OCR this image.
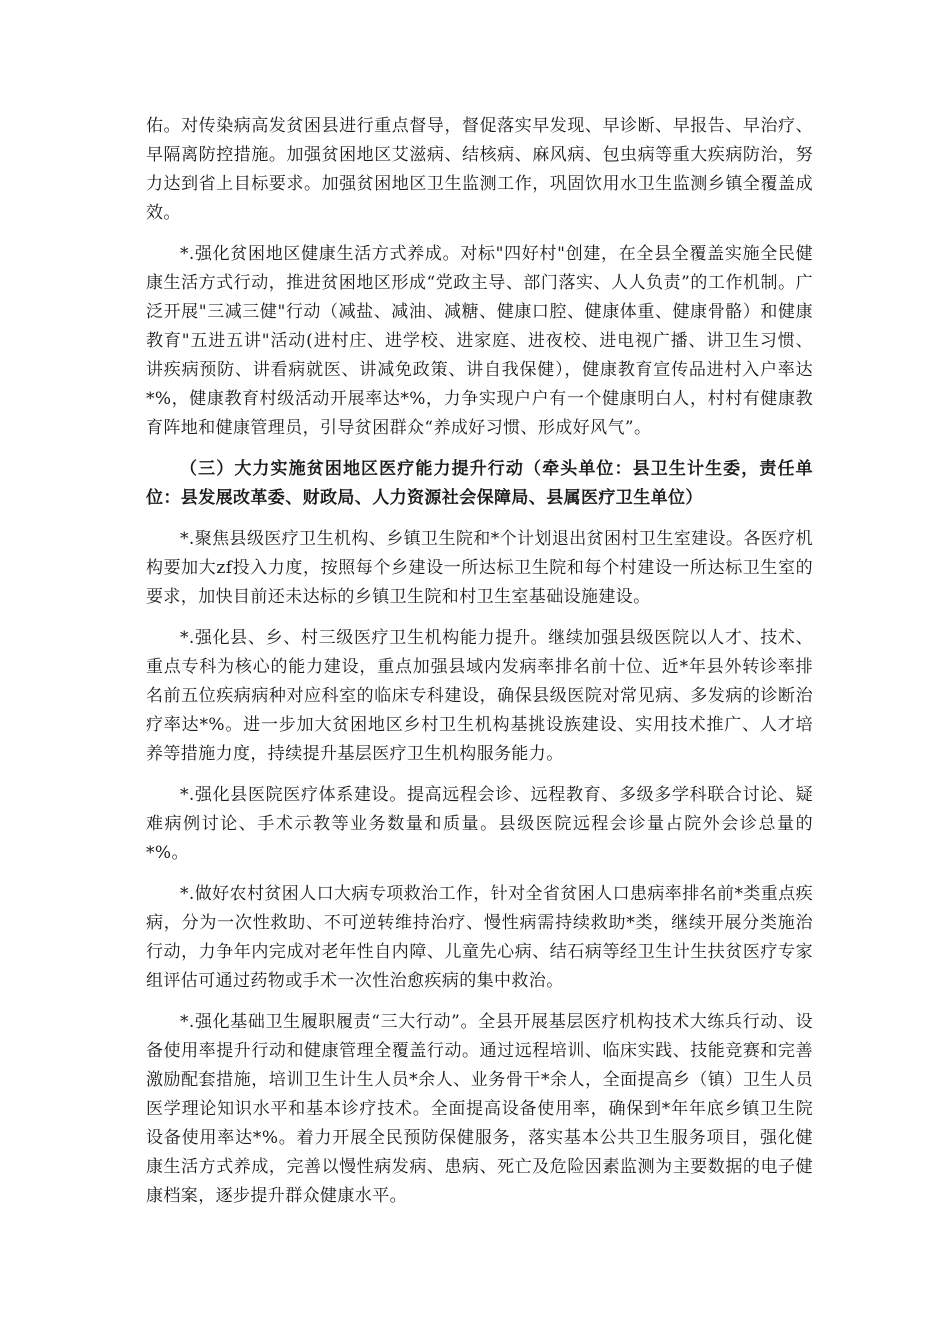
佑。对传染病高发贫困县进行重点督导，督促落实早发现、早诊断、早报告、早治疗、早隔离防控措施。加强贫困地区艾滋病、结核病、麻风病、包虫病等重大疾病防治，努力达到省上目标要求。加强贫困地区卫生监测工作，巩固饮用水卫生监测乡镇全覆盖成效。

*.强化贫困地区健康生活方式养成。对标"四好村"创建，在全县全覆盖实施全民健康生活方式行动，推进贫困地区形成“党政主导、部门落实、人人负责”的工作机制。广泛开展"三减三健"行动（减盐、减油、减糖、健康口腔、健康体重、健康骨骼）和健康教育"五进五讲"活动(进村庄、进学校、进家庭、进夜校、进电视广播、讲卫生习惯、讲疾病预防、讲看病就医、讲减免政策、讲自我保健），健康教育宣传品进村入户率达*%，健康教育村级活动开展率达*%，力争实现户户有一个健康明白人，村村有健康教育阵地和健康管理员，引导贫困群众“养成好习惯、形成好风气”。

（三）大力实施贫困地区医疗能力提升行动（牵头单位：县卫生计生委，责任单位：县发展改革委、财政局、人力资源社会保障局、县属医疗卫生单位）

*.聚焦县级医疗卫生机构、乡镇卫生院和*个计划退出贫困村卫生室建设。各医疗机构要加大zf投入力度，按照每个乡建设一所达标卫生院和每个村建设一所达标卫生室的要求，加快目前还未达标的乡镇卫生院和村卫生室基础设施建设。

*.强化县、乡、村三级医疗卫生机构能力提升。继续加强县级医院以人才、技术、重点专科为核心的能力建设，重点加强县域内发病率排名前十位、近*年县外转诊率排名前五位疾病病种对应科室的临床专科建设，确保县级医院对常见病、多发病的诊断治疗率达*%。进一步加大贫困地区乡村卫生机构基挑设族建设、实用技术推广、人才培养等措施力度，持续提升基层医疗卫生机构服务能力。

*.强化县医院医疗体系建设。提高远程会诊、远程教育、多级多学科联合讨论、疑难病例讨论、手术示教等业务数量和质量。县级医院远程会诊量占院外会诊总量的*%。

*.做好农村贫困人口大病专项救治工作，针对全省贫困人口患病率排名前*类重点疾病，分为一次性救助、不可逆转维持治疗、慢性病需持续救助*类，继续开展分类施治行动，力争年内完成对老年性自内障、儿童先心病、结石病等经卫生计生扶贫医疗专家组评估可通过药物或手术一次性治愈疾病的集中救治。

*.强化基础卫生履职履责“三大行动”。全县开展基层医疗机构技术大练兵行动、设备使用率提升行动和健康管理全覆盖行动。通过远程培训、临床实践、技能竞赛和完善激励配套措施，培训卫生计生人员*余人、业务骨干*余人，全面提高乡（镇）卫生人员医学理论知识水平和基本诊疗技术。全面提高设备使用率，确保到*年年底乡镇卫生院设备使用率达*%。着力开展全民预防保健服务，落实基本公共卫生服务项目，强化健康生活方式养成，完善以慢性病发病、患病、死亡及危险因素监测为主要数据的电子健康档案，逐步提升群众健康水平。
